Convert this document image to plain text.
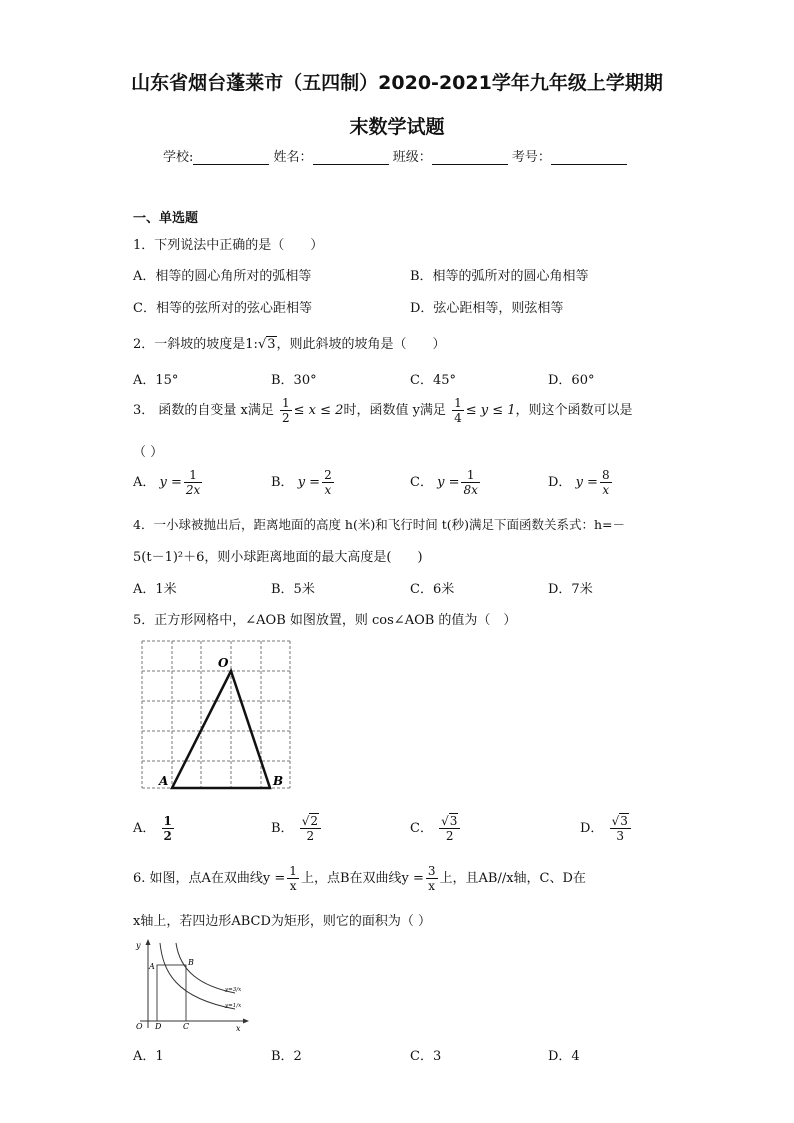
山东省烟台蓬莱市（五四制）2020-2021学年九年级上学期期
末数学试题
学校:	姓名：	班级：	考号：
一、单选题
1．下列说法中正确的是（　　）
A．相等的圆心角所对的弧相等	B．相等的弧所对的圆心角相等
C．相等的弦所对的弦心距相等	D．弦心距相等，则弦相等
2．一斜坡的坡度是1:√3，则此斜坡的坡角是（　　）
A．15°	B．30°	C．45°	D．60°
3． 函数的自变量 x满足 $\frac{1}{2} \le x \le 2$时，函数值 y满足 $\frac{1}{4} \le y \le 1$，则这个函数可以是
（ ）
A． $y = \frac{1}{2x}$	B． $y = \frac{2}{x}$	C． $y = \frac{1}{8x}$	D． $y = \frac{8}{x}$
4．一小球被抛出后，距离地面的高度 h(米)和飞行时间 t(秒)满足下面函数关系式：h=－
5(t－1)²＋6，则小球距离地面的最大高度是(　　)
A．1米	B．5米	C．6米	D．7米
5．正方形网格中，∠AOB 如图放置，则 cos∠AOB 的值为（　）
O
A	B
A． $\frac{1}{2}$	B． $\frac{√2}{2}$	C． $\frac{√3}{2}$	D． $\frac{√3}{3}$
6. 如图，点A在双曲线$y = \frac{1}{x}$ 上，点B在双曲线$y = \frac{3}{x}$ 上，且AB//x轴，C、D在
x轴上，若四边形ABCD为矩形，则它的面积为（ ）
y
x
O
A	B
C
D
y=3/x
y=1/x
A．1	B．2	C．3	D．4
